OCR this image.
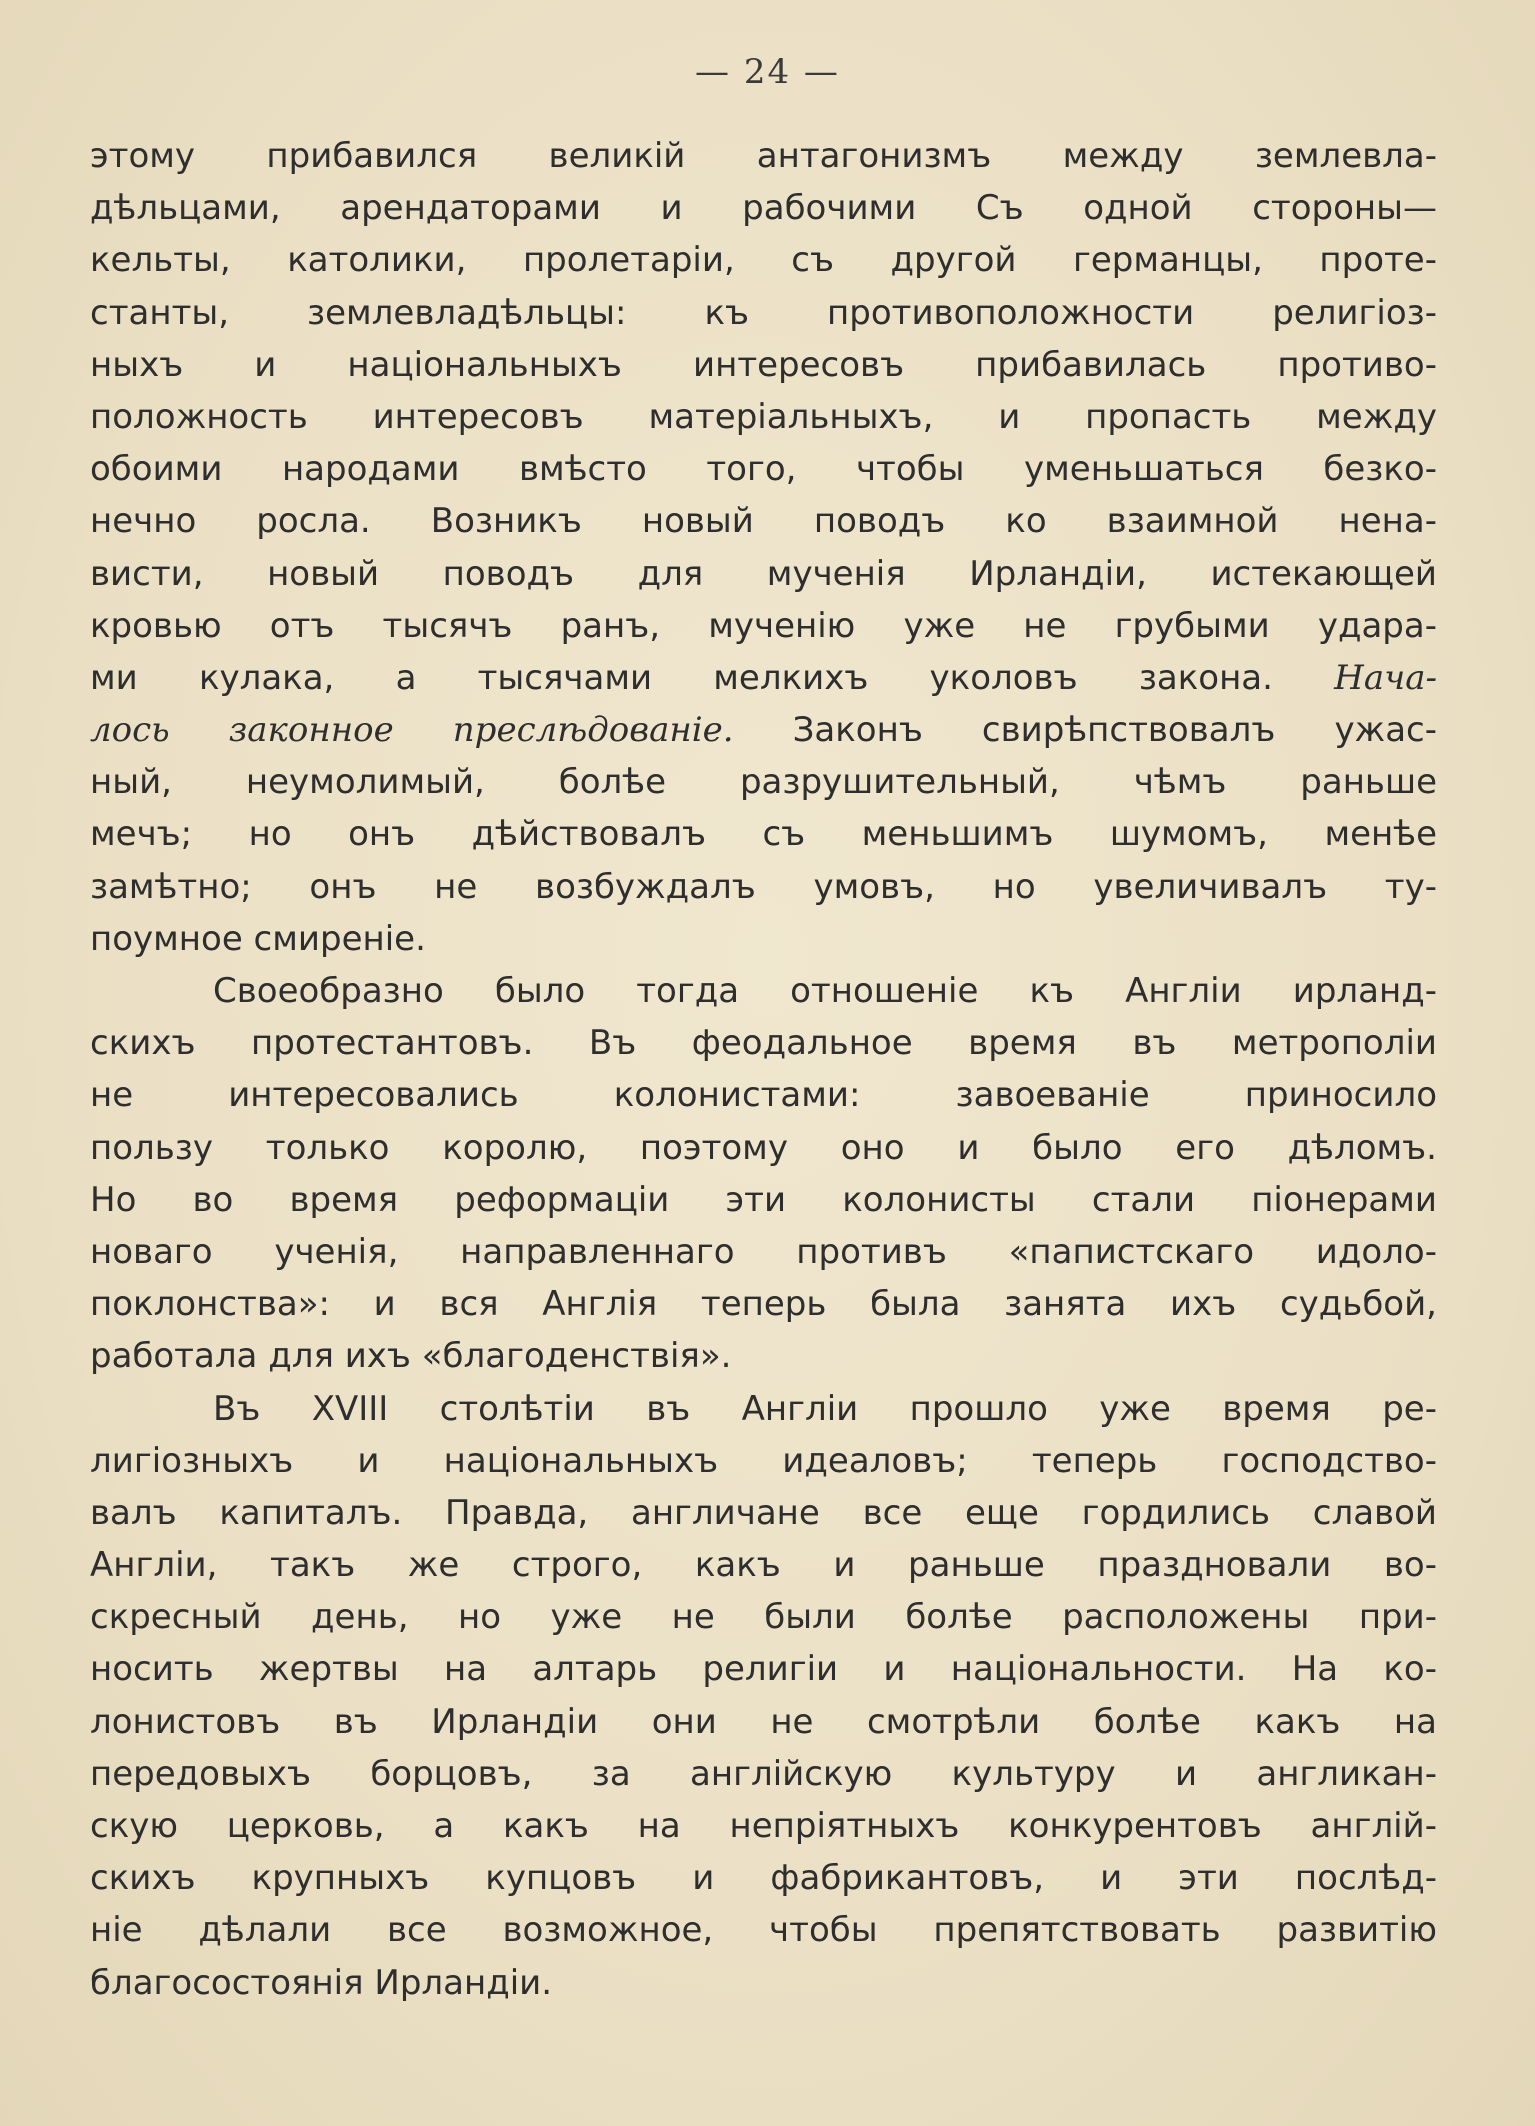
— 24 —
этому прибавился великій антагонизмъ между землевла-
дѣльцами, арендаторами и рабочими Съ одной стороны—
кельты, католики, пролетаріи, съ другой германцы, проте-
станты, землевладѣльцы: къ противоположности религіоз-
ныхъ и національныхъ интересовъ прибавилась противо-
положность интересовъ матеріальныхъ, и пропасть между
обоими народами вмѣсто того, чтобы уменьшаться безко-
нечно росла. Возникъ новый поводъ ко взаимной нена-
висти, новый поводъ для мученія Ирландіи, истекающей
кровью отъ тысячъ ранъ, мученію уже не грубыми удара-
ми кулака, а тысячами мелкихъ уколовъ закона. Нача-
лось законное преслѣдованіе. Законъ свирѣпствовалъ ужас-
ный, неумолимый, болѣе разрушительный, чѣмъ раньше
мечъ; но онъ дѣйствовалъ съ меньшимъ шумомъ, менѣе
замѣтно; онъ не возбуждалъ умовъ, но увеличивалъ ту-
поумное смиреніе.
Своеобразно было тогда отношеніе къ Англіи ирланд-
скихъ протестантовъ. Въ феодальное время въ метрополіи
не интересовались колонистами: завоеваніе приносило
пользу только королю, поэтому оно и было его дѣломъ.
Но во время реформаціи эти колонисты стали піонерами
новаго ученія, направленнаго противъ «папистскаго идоло-
поклонства»: и вся Англія теперь была занята ихъ судьбой,
работала для ихъ «благоденствія».
Въ XVIII столѣтіи въ Англіи прошло уже время ре-
лигіозныхъ и національныхъ идеаловъ; теперь господство-
валъ капиталъ. Правда, англичане все еще гордились славой
Англіи, такъ же строго, какъ и раньше праздновали во-
скресный день, но уже не были болѣе расположены при-
носить жертвы на алтарь религіи и національности. На ко-
лонистовъ въ Ирландіи они не смотрѣли болѣе какъ на
передовыхъ борцовъ, за англійскую культуру и англикан-
скую церковь, а какъ на непріятныхъ конкурентовъ англій-
скихъ крупныхъ купцовъ и фабрикантовъ, и эти послѣд-
ніе дѣлали все возможное, чтобы препятствовать развитію
благосостоянія Ирландіи.
